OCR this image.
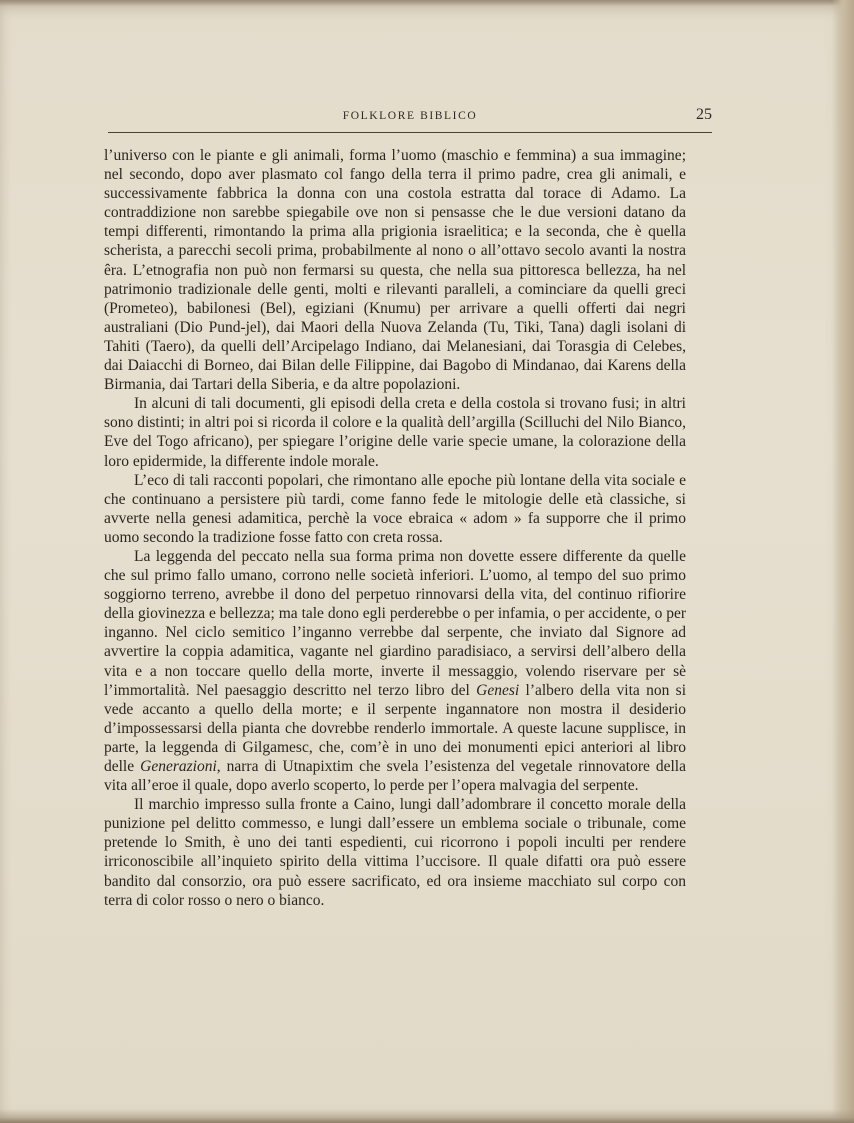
FOLKLORE BIBLICO	25

l’universo con le piante e gli animali, forma l’uomo (maschio e femmina) a sua immagine; nel secondo, dopo aver plasmato col fango della terra il primo padre, crea gli animali, e successivamente fabbrica la donna con una costola estratta dal torace di Adamo. La contraddizione non sarebbe spiegabile ove non si pensasse che le due versioni datano da tempi differenti, rimontando la prima alla prigionia israelitica; e la seconda, che è quella scherista, a parecchi secoli prima, probabilmente al nono o all’ottavo secolo avanti la nostra êra. L’etnografia non può non fermarsi su questa, che nella sua pittoresca bellezza, ha nel patrimonio tradizionale delle genti, molti e rilevanti paralleli, a cominciare da quelli greci (Prometeo), babilonesi (Bel), egiziani (Knumu) per arrivare a quelli offerti dai negri australiani (Dio Pund-jel), dai Maori della Nuova Zelanda (Tu, Tiki, Tana) dagli isolani di Tahiti (Taero), da quelli dell’Arcipelago Indiano, dai Melanesiani, dai Torasgia di Celebes, dai Daiacchi di Borneo, dai Bilan delle Filippine, dai Bagobo di Mindanao, dai Karens della Birmania, dai Tartari della Siberia, e da altre popolazioni.

In alcuni di tali documenti, gli episodi della creta e della costola si trovano fusi; in altri sono distinti; in altri poi si ricorda il colore e la qualità dell’argilla (Scilluchi del Nilo Bianco, Eve del Togo africano), per spiegare l’origine delle varie specie umane, la colorazione della loro epidermide, la differente indole morale.

L’eco di tali racconti popolari, che rimontano alle epoche più lontane della vita sociale e che continuano a persistere più tardi, come fanno fede le mitologie delle età classiche, si avverte nella genesi adamitica, perchè la voce ebraica « adom » fa supporre che il primo uomo secondo la tradizione fosse fatto con creta rossa.

La leggenda del peccato nella sua forma prima non dovette essere differente da quelle che sul primo fallo umano, corrono nelle società inferiori. L’uomo, al tempo del suo primo soggiorno terreno, avrebbe il dono del perpetuo rinnovarsi della vita, del continuo rifiorire della giovinezza e bellezza; ma tale dono egli perderebbe o per infamia, o per accidente, o per inganno. Nel ciclo semitico l’inganno verrebbe dal serpente, che inviato dal Signore ad avvertire la coppia adamitica, vagante nel giardino paradisiaco, a servirsi dell’albero della vita e a non toccare quello della morte, inverte il messaggio, volendo riservare per sè l’immortalità. Nel paesaggio descritto nel terzo libro del Genesi l’albero della vita non si vede accanto a quello della morte; e il serpente ingannatore non mostra il desiderio d’impossessarsi della pianta che dovrebbe renderlo immortale. A queste lacune supplisce, in parte, la leggenda di Gilgamesc, che, com’è in uno dei monumenti epici anteriori al libro delle Generazioni, narra di Utnapixtim che svela l’esistenza del vegetale rinnovatore della vita all’eroe il quale, dopo averlo scoperto, lo perde per l’opera malvagia del serpente.

Il marchio impresso sulla fronte a Caino, lungi dall’adombrare il concetto morale della punizione pel delitto commesso, e lungi dall’essere un emblema sociale o tribunale, come pretende lo Smith, è uno dei tanti espedienti, cui ricorrono i popoli inculti per rendere irriconoscibile all’inquieto spirito della vittima l’uccisore. Il quale difatti ora può essere bandito dal consorzio, ora può essere sacrificato, ed ora insieme macchiato sul corpo con terra di color rosso o nero o bianco.
